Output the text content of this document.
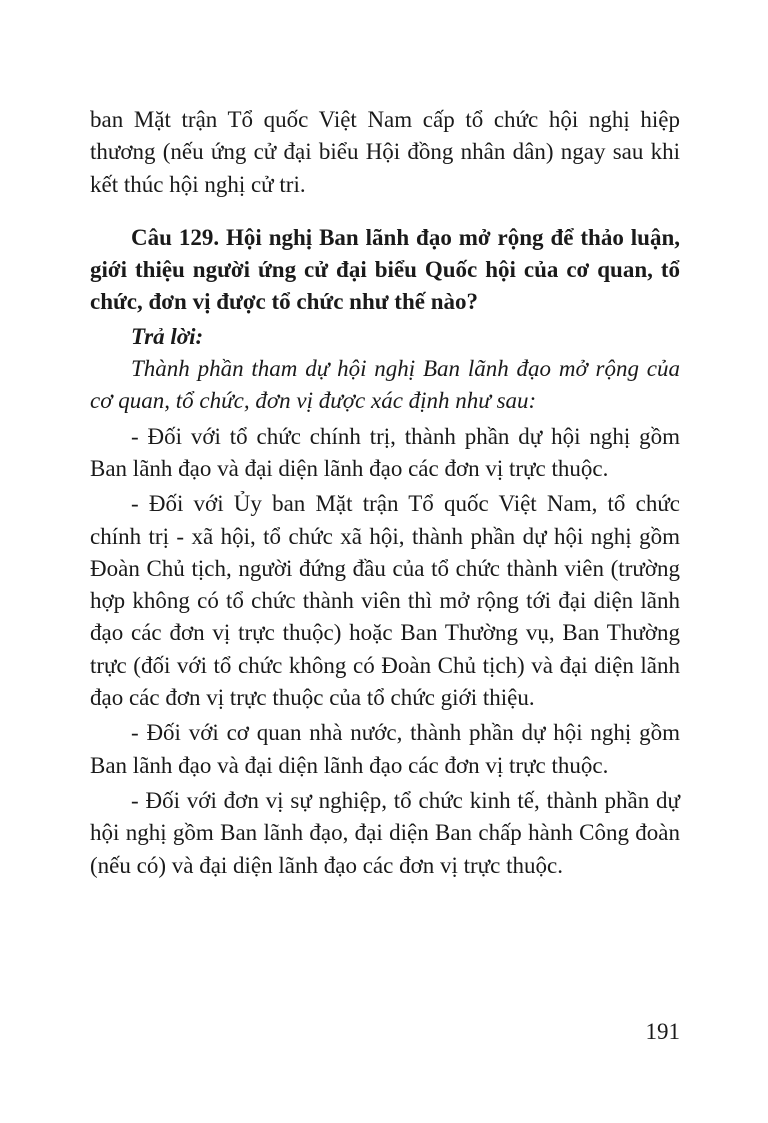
ban Mặt trận Tổ quốc Việt Nam cấp tổ chức hội nghị hiệp thương (nếu ứng cử đại biểu Hội đồng nhân dân) ngay sau khi kết thúc hội nghị cử tri.

Câu 129. Hội nghị Ban lãnh đạo mở rộng để thảo luận, giới thiệu người ứng cử đại biểu Quốc hội của cơ quan, tổ chức, đơn vị được tổ chức như thế nào?

Trả lời:

Thành phần tham dự hội nghị Ban lãnh đạo mở rộng của cơ quan, tổ chức, đơn vị được xác định như sau:

- Đối với tổ chức chính trị, thành phần dự hội nghị gồm Ban lãnh đạo và đại diện lãnh đạo các đơn vị trực thuộc.

- Đối với Ủy ban Mặt trận Tổ quốc Việt Nam, tổ chức chính trị - xã hội, tổ chức xã hội, thành phần dự hội nghị gồm Đoàn Chủ tịch, người đứng đầu của tổ chức thành viên (trường hợp không có tổ chức thành viên thì mở rộng tới đại diện lãnh đạo các đơn vị trực thuộc) hoặc Ban Thường vụ, Ban Thường trực (đối với tổ chức không có Đoàn Chủ tịch) và đại diện lãnh đạo các đơn vị trực thuộc của tổ chức giới thiệu.

- Đối với cơ quan nhà nước, thành phần dự hội nghị gồm Ban lãnh đạo và đại diện lãnh đạo các đơn vị trực thuộc.

- Đối với đơn vị sự nghiệp, tổ chức kinh tế, thành phần dự hội nghị gồm Ban lãnh đạo, đại diện Ban chấp hành Công đoàn (nếu có) và đại diện lãnh đạo các đơn vị trực thuộc.

191
